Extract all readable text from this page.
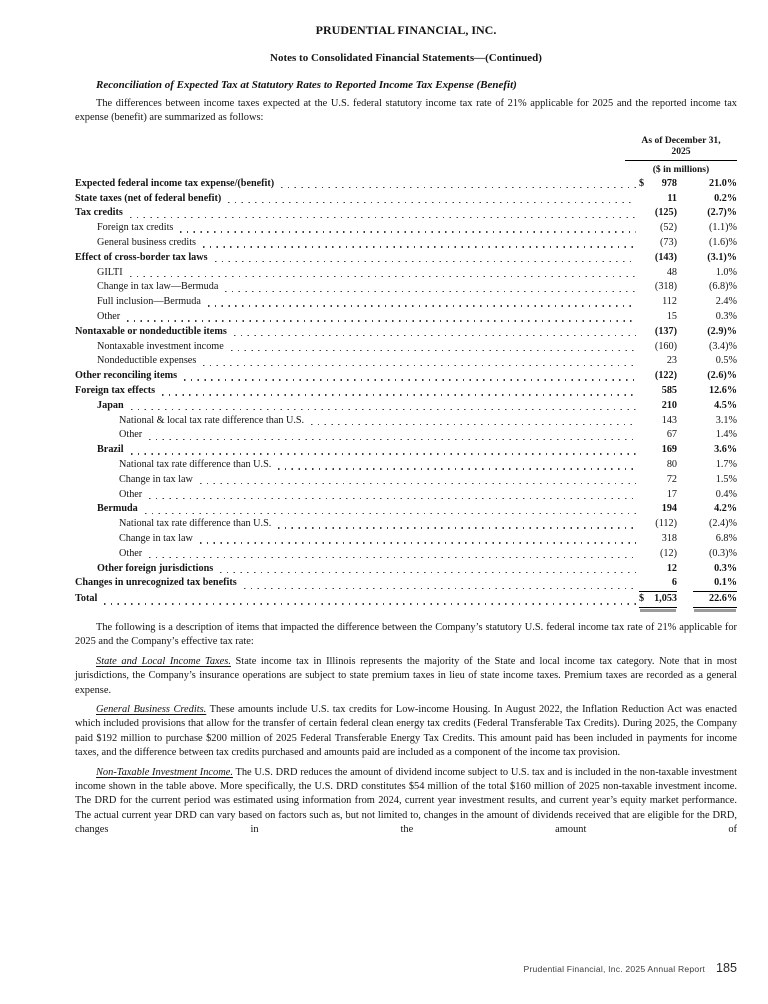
PRUDENTIAL FINANCIAL, INC.
Notes to Consolidated Financial Statements—(Continued)
Reconciliation of Expected Tax at Statutory Rates to Reported Income Tax Expense (Benefit)

The differences between income taxes expected at the U.S. federal statutory income tax rate of 21% applicable for 2025 and the reported income tax expense (benefit) are summarized as follows:

As of December 31,
2025
($ in millions)
Expected federal income tax expense/(benefit)	$ 978	21.0%
State taxes (net of federal benefit)	11	0.2%
Tax credits	(125)	(2.7)%
Foreign tax credits	(52)	(1.1)%
General business credits	(73)	(1.6)%
Effect of cross-border tax laws	(143)	(3.1)%
GILTI	48	1.0%
Change in tax law—Bermuda	(318)	(6.8)%
Full inclusion—Bermuda	112	2.4%
Other	15	0.3%
Nontaxable or nondeductible items	(137)	(2.9)%
Nontaxable investment income	(160)	(3.4)%
Nondeductible expenses	23	0.5%
Other reconciling items	(122)	(2.6)%
Foreign tax effects	585	12.6%
Japan	210	4.5%
National & local tax rate difference than U.S.	143	3.1%
Other	67	1.4%
Brazil	169	3.6%
National tax rate difference than U.S.	80	1.7%
Change in tax law	72	1.5%
Other	17	0.4%
Bermuda	194	4.2%
National tax rate difference than U.S.	(112)	(2.4)%
Change in tax law	318	6.8%
Other	(12)	(0.3)%
Other foreign jurisdictions	12	0.3%
Changes in unrecognized tax benefits	6	0.1%
Total	$ 1,053	22.6%

The following is a description of items that impacted the difference between the Company’s statutory U.S. federal income tax rate of 21% applicable for 2025 and the Company’s effective tax rate:

State and Local Income Taxes. State income tax in Illinois represents the majority of the State and local income tax category. Note that in most jurisdictions, the Company’s insurance operations are subject to state premium taxes in lieu of state income taxes. Premium taxes are recorded as a general expense.

General Business Credits. These amounts include U.S. tax credits for Low-income Housing. In August 2022, the Inflation Reduction Act was enacted which included provisions that allow for the transfer of certain federal clean energy tax credits (Federal Transferable Tax Credits). During 2025, the Company paid $192 million to purchase $200 million of 2025 Federal Transferable Energy Tax Credits. This amount paid has been included in payments for income taxes, and the difference between tax credits purchased and amounts paid are included as a component of the income tax provision.

Non-Taxable Investment Income. The U.S. DRD reduces the amount of dividend income subject to U.S. tax and is included in the non-taxable investment income shown in the table above. More specifically, the U.S. DRD constitutes $54 million of the total $160 million of 2025 non-taxable investment income. The DRD for the current period was estimated using information from 2024, current year investment results, and current year’s equity market performance. The actual current year DRD can vary based on factors such as, but not limited to, changes in the amount of dividends received that are eligible for the DRD, changes in the amount of

Prudential Financial, Inc. 2025 Annual Report 185
